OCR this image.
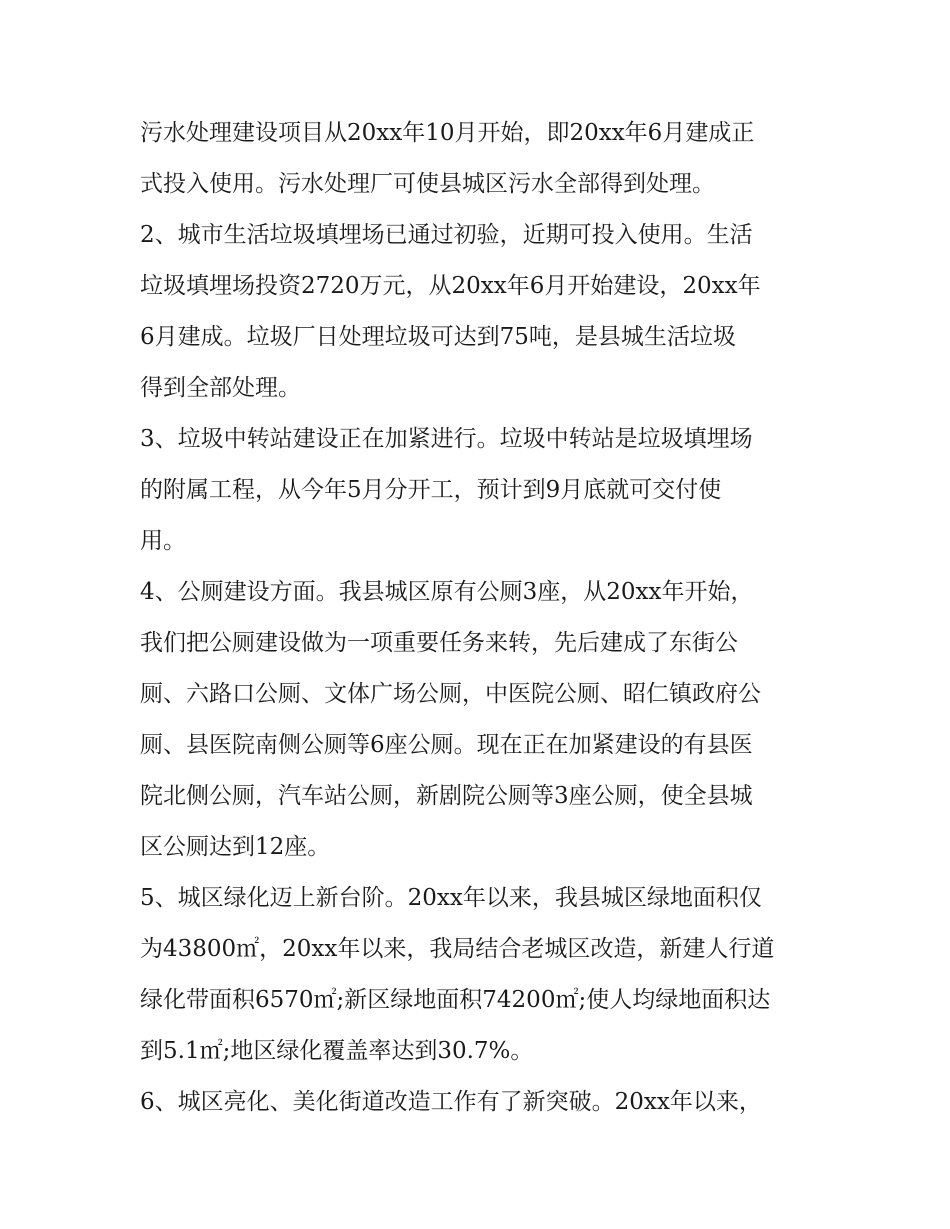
污水处理建设项目从20xx年10月开始，即20xx年6月建成正
式投入使用。污水处理厂可使县城区污水全部得到处理。

2、城市生活垃圾填埋场已通过初验，近期可投入使用。生活
垃圾填埋场投资2720万元，从20xx年6月开始建设，20xx年
6月建成。垃圾厂日处理垃圾可达到75吨，是县城生活垃圾
得到全部处理。

3、垃圾中转站建设正在加紧进行。垃圾中转站是垃圾填埋场
的附属工程，从今年5月分开工，预计到9月底就可交付使
用。

4、公厕建设方面。我县城区原有公厕3座，从20xx年开始，
我们把公厕建设做为一项重要任务来转，先后建成了东街公
厕、六路口公厕、文体广场公厕，中医院公厕、昭仁镇政府公
厕、县医院南侧公厕等6座公厕。现在正在加紧建设的有县医
院北侧公厕，汽车站公厕，新剧院公厕等3座公厕，使全县城
区公厕达到12座。

5、城区绿化迈上新台阶。20xx年以来，我县城区绿地面积仅
为43800㎡，20xx年以来，我局结合老城区改造，新建人行道
绿化带面积6570㎡;新区绿地面积74200㎡;使人均绿地面积达
到5.1㎡;地区绿化覆盖率达到30.7%。

6、城区亮化、美化街道改造工作有了新突破。20xx年以来，
